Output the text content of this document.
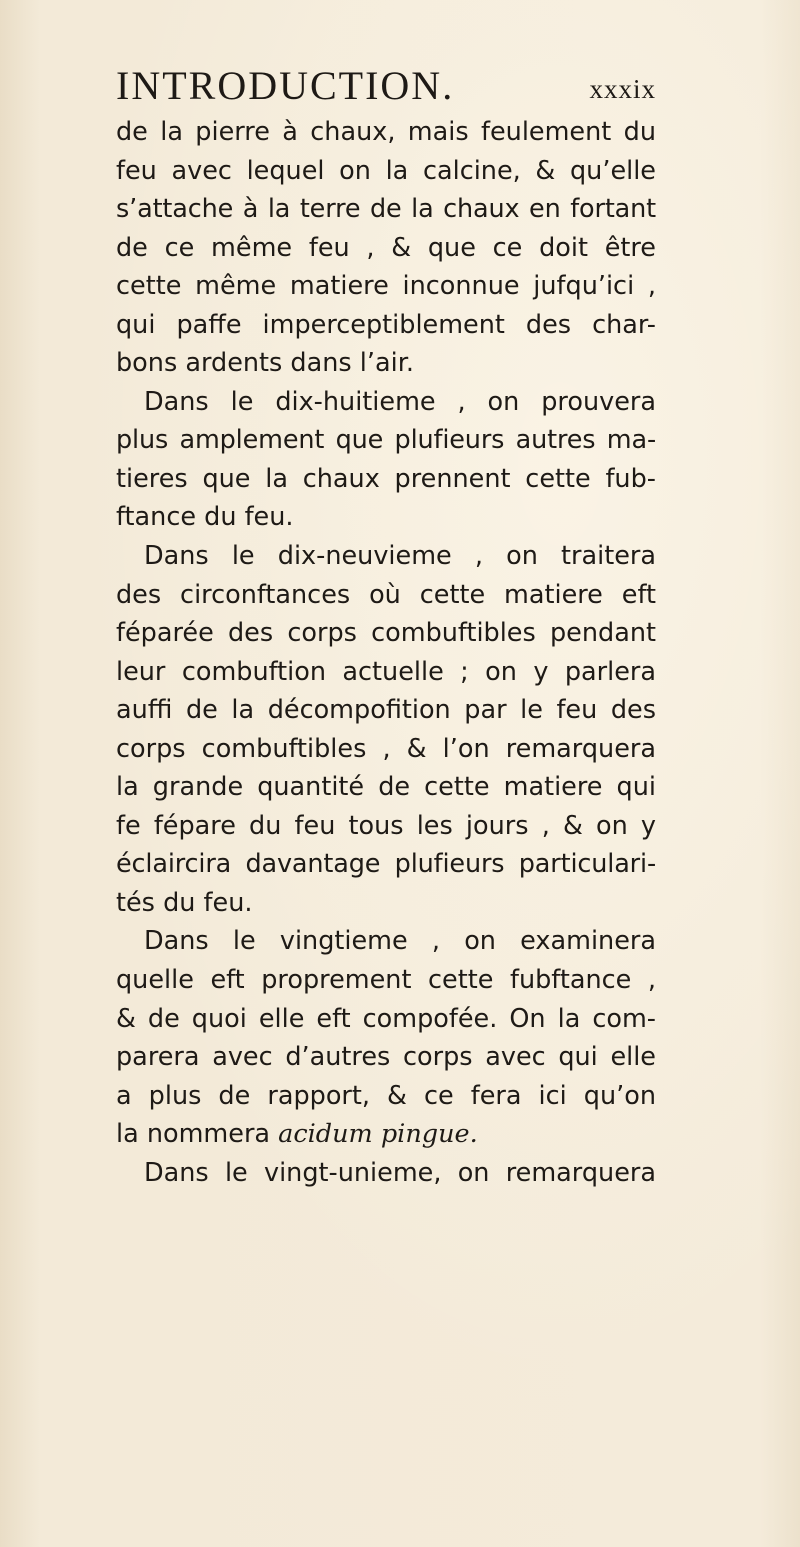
INTRODUCTION.	xxxix
de la pierre à chaux, mais feulement du
feu avec lequel on la calcine, & qu’elle
s’attache à la terre de la chaux en fortant
de ce même feu , & que ce doit être
cette même matiere inconnue jufqu’ici ,
qui paffe imperceptiblement des char-
bons ardents dans l’air.
Dans le dix-huitieme , on prouvera
plus amplement que plufieurs autres ma-
tieres que la chaux prennent cette fub-
ftance du feu.
Dans le dix-neuvieme , on traitera
des circonftances où cette matiere eft
féparée des corps combuftibles pendant
leur combuftion actuelle ; on y parlera
auffi de la décompofition par le feu des
corps combuftibles , & l’on remarquera
la grande quantité de cette matiere qui
fe fépare du feu tous les jours , & on y
éclaircira davantage plufieurs particulari-
tés du feu.
Dans le vingtieme , on examinera
quelle eft proprement cette fubftance ,
& de quoi elle eft compofée. On la com-
parera avec d’autres corps avec qui elle
a plus de rapport, & ce fera ici qu’on
la nommera acidum pingue.
Dans le vingt-unieme, on remarquera
